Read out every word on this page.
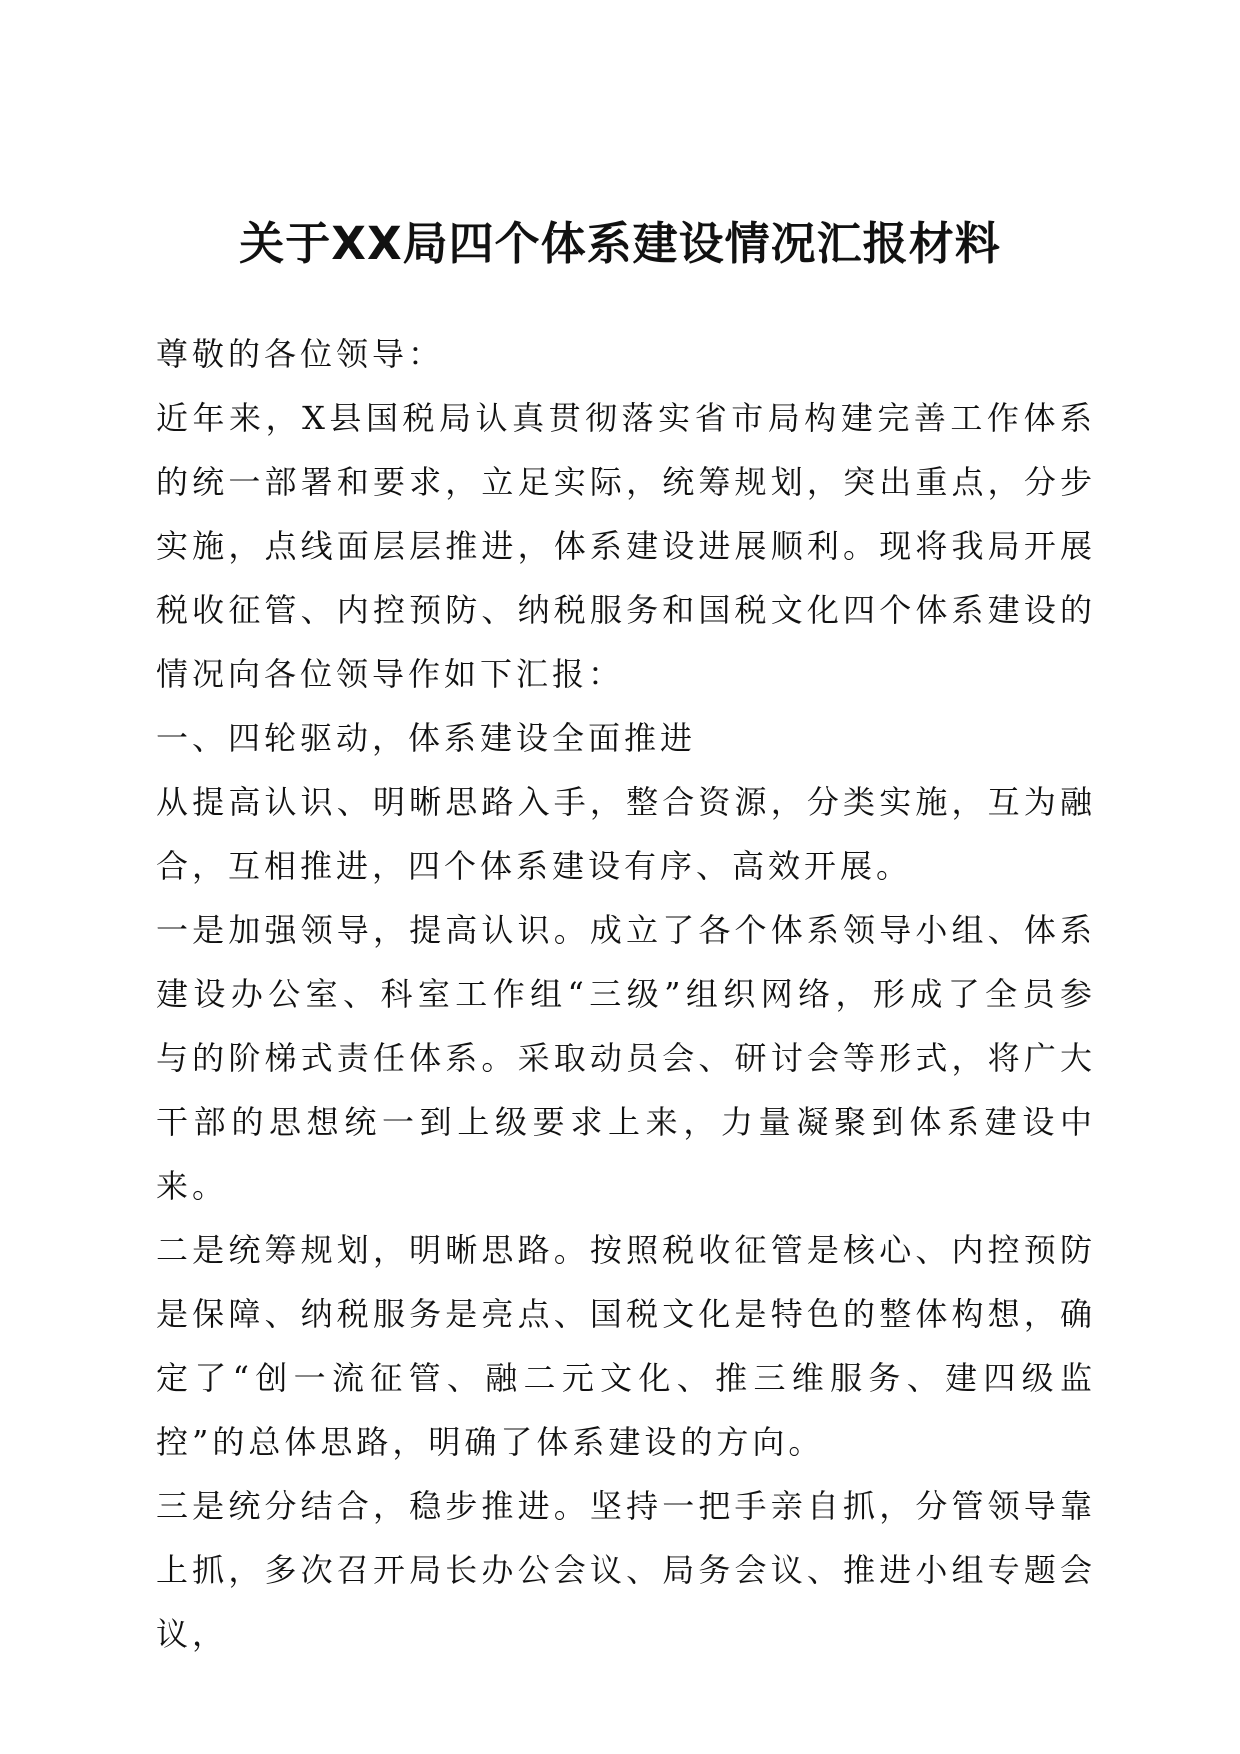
关于XX局四个体系建设情况汇报材料

尊敬的各位领导：

近年来，X县国税局认真贯彻落实省市局构建完善工作体系的统一部署和要求，立足实际，统筹规划，突出重点，分步实施，点线面层层推进，体系建设进展顺利。现将我局开展税收征管、内控预防、纳税服务和国税文化四个体系建设的情况向各位领导作如下汇报：

一、四轮驱动，体系建设全面推进

从提高认识、明晰思路入手，整合资源，分类实施，互为融合，互相推进，四个体系建设有序、高效开展。

一是加强领导，提高认识。成立了各个体系领导小组、体系建设办公室、科室工作组“三级”组织网络，形成了全员参与的阶梯式责任体系。采取动员会、研讨会等形式，将广大干部的思想统一到上级要求上来，力量凝聚到体系建设中来。

二是统筹规划，明晰思路。按照税收征管是核心、内控预防是保障、纳税服务是亮点、国税文化是特色的整体构想，确定了“创一流征管、融二元文化、推三维服务、建四级监控”的总体思路，明确了体系建设的方向。

三是统分结合，稳步推进。坚持一把手亲自抓，分管领导靠上抓，多次召开局长办公会议、局务会议、推进小组专题会议，
